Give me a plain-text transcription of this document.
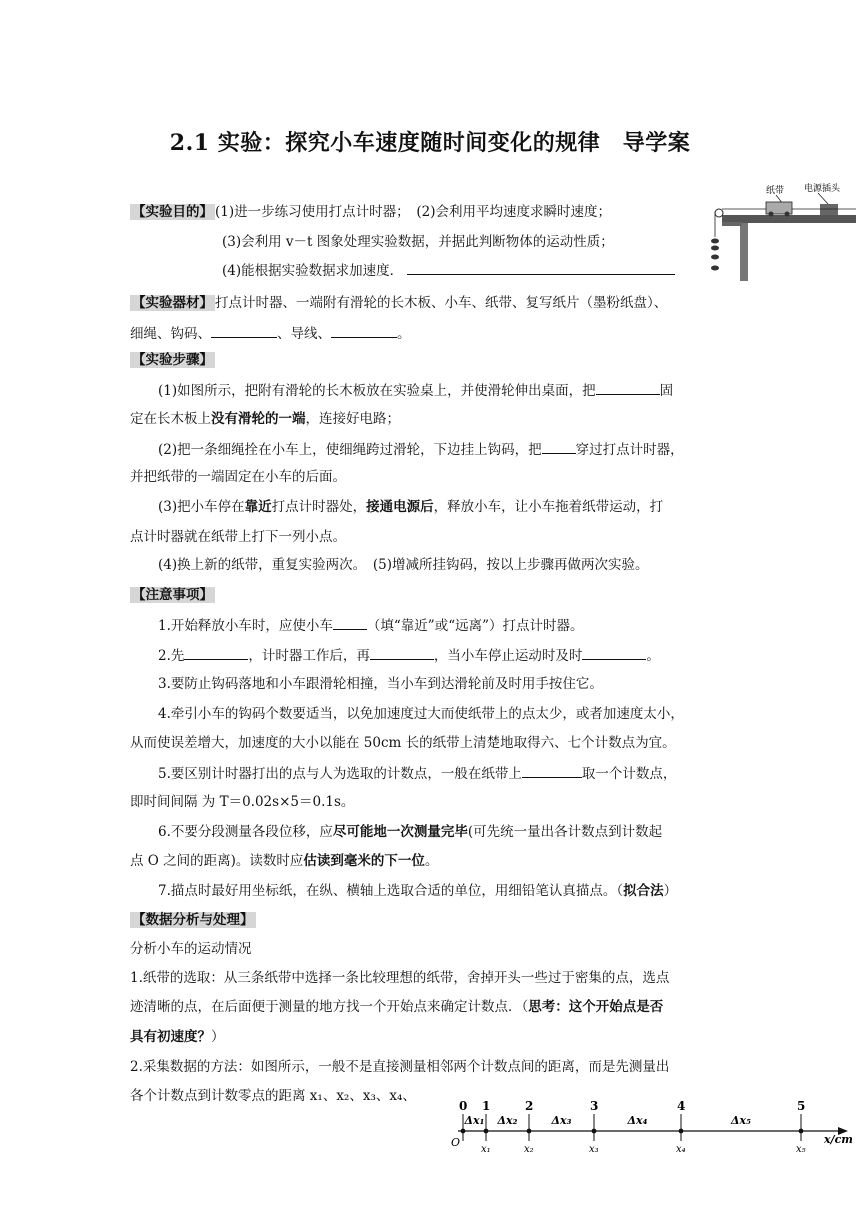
2.1 实验：探究小车速度随时间变化的规律　导学案
纸带 电源插头
【实验目的】 (1)进一步练习使用打点计时器；　 (2)会利用平均速度求瞬时速度；
(3)会利用 v－t 图象处理实验数据，并据此判断物体的运动性质；
(4)能根据实验数据求加速度．
【实验器材】 打点计时器、一端附有滑轮的长木板、小车、纸带、复写纸片（墨粉纸盘）、
细绳、钩码、	、导线、	。
【实验步骤】
(1)如图所示，把附有滑轮的长木板放在实验桌上，并使滑轮伸出桌面，把	固
定在长木板上没有滑轮的一端，连接好电路；
(2)把一条细绳拴在小车上，使细绳跨过滑轮，下边挂上钩码，把	穿过打点计时器，
并把纸带的一端固定在小车的后面。
(3)把小车停在靠近打点计时器处，接通电源后，释放小车，让小车拖着纸带运动，打
点计时器就在纸带上打下一列小点。
(4)换上新的纸带，重复实验两次。　(5)增减所挂钩码，按以上步骤再做两次实验。
【注意事项】
1.开始释放小车时，应使小车	（填“靠近”或“远离”）打点计时器。
2.先	，计时器工作后，再	，当小车停止运动时及时	。
3.要防止钩码落地和小车跟滑轮相撞，当小车到达滑轮前及时用手按住它。
4.牵引小车的钩码个数要适当，以免加速度过大而使纸带上的点太少，或者加速度太小，
从而使误差增大，加速度的大小以能在 50cm 长的纸带上清楚地取得六、七个计数点为宜。
5.要区别计时器打出的点与人为选取的计数点，一般在纸带上	取一个计数点，
即时间间隔 为 T＝0.02s×5＝0.1s。
6.不要分段测量各段位移，应尽可能地一次测量完毕(可先统一量出各计数点到计数起
点 O 之间的距离)。读数时应估读到毫米的下一位。
7.描点时最好用坐标纸，在纵、横轴上选取合适的单位，用细铅笔认真描点。（拟合法）
【数据分析与处理】
分析小车的运动情况
1.纸带的选取：从三条纸带中选择一条比较理想的纸带，舍掉开头一些过于密集的点，选点
迹清晰的点，在后面便于测量的地方找一个开始点来确定计数点．（思考：这个开始点是否
具有初速度？）
2.采集数据的方法：如图所示，一般不是直接测量相邻两个计数点间的距离，而是先测量出
各个计数点到计数零点的距离 x₁、x₂、x₃、x₄、
x/cm
O
0 1
x₁
Δx₁
2
x₂
Δx₂
3
x₃
Δx₃
4
x₄
Δx₄
5
x₅
Δx₅
